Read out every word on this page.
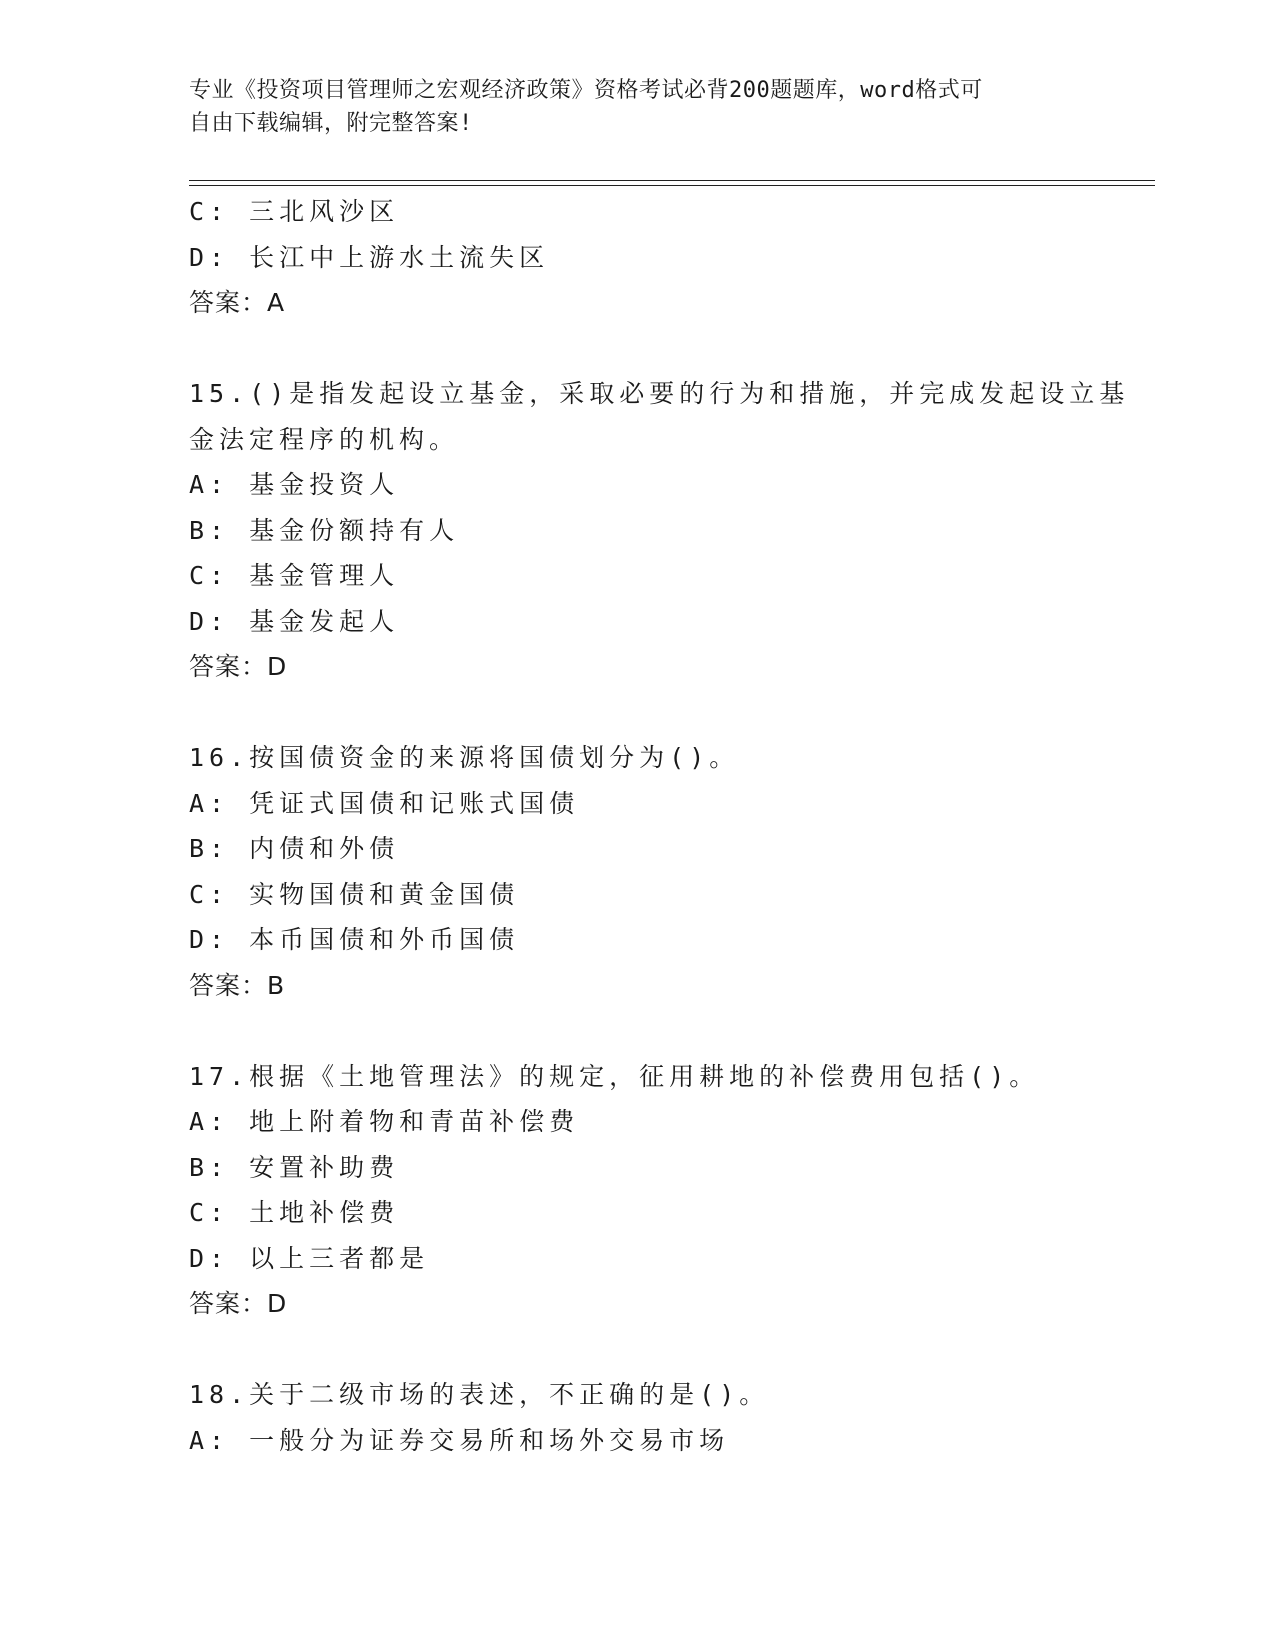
专业《投资项目管理师之宏观经济政策》资格考试必背200题题库，word格式可
自由下载编辑，附完整答案!
C: 三北风沙区
D: 长江中上游水土流失区
答案：A
15.()是指发起设立基金，采取必要的行为和措施，并完成发起设立基
金法定程序的机构。
A: 基金投资人
B: 基金份额持有人
C: 基金管理人
D: 基金发起人
答案：D
16.按国债资金的来源将国债划分为()。
A: 凭证式国债和记账式国债
B: 内债和外债
C: 实物国债和黄金国债
D: 本币国债和外币国债
答案：B
17.根据《土地管理法》的规定，征用耕地的补偿费用包括()。
A: 地上附着物和青苗补偿费
B: 安置补助费
C: 土地补偿费
D: 以上三者都是
答案：D
18.关于二级市场的表述，不正确的是()。
A: 一般分为证券交易所和场外交易市场
